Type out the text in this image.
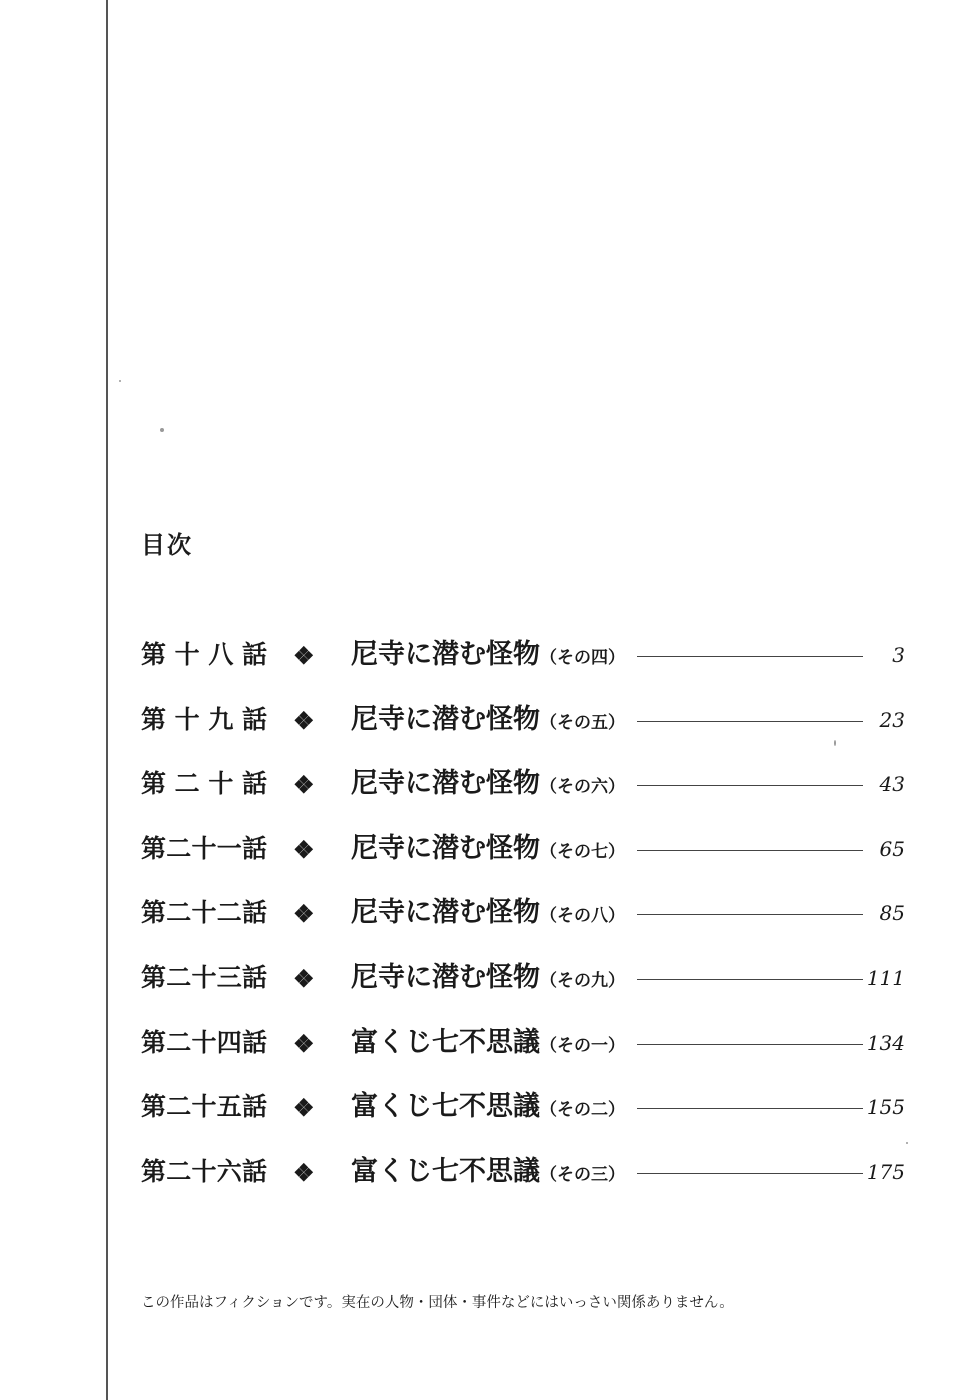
目次
第 十 八 話 ❖ 尼寺に潜む怪物（その四）	3
第 十 九 話 ❖ 尼寺に潜む怪物（その五）	23
第 二 十 話 ❖ 尼寺に潜む怪物（その六）	43
第 二 十 一 話 ❖ 尼寺に潜む怪物（その七）	65
第 二 十 二 話 ❖ 尼寺に潜む怪物（その八）	85
第 二 十 三 話 ❖ 尼寺に潜む怪物（その九）	111
第 二 十 四 話 ❖ 富くじ七不思議（その一）	134
第 二 十 五 話 ❖ 富くじ七不思議（その二）	155
第 二 十 六 話 ❖ 富くじ七不思議（その三）	175
この作品はフィクションです。実在の人物・団体・事件などにはいっさい関係ありません。
